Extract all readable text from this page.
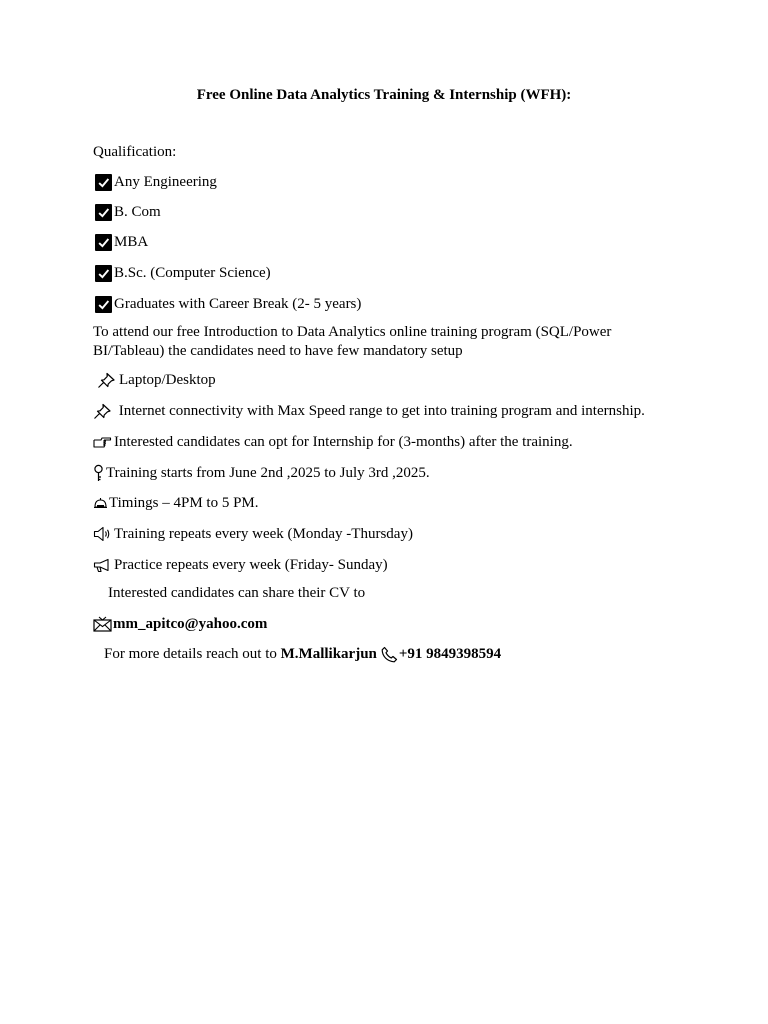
Free Online Data Analytics Training & Internship (WFH):
Qualification:
Any Engineering
B. Com
MBA
B.Sc. (Computer Science)
Graduates with Career Break (2- 5 years)
To attend our free Introduction to Data Analytics online training program (SQL/Power BI/Tableau) the candidates need to have few mandatory setup
Laptop/Desktop
Internet connectivity with Max Speed range to get into training program and internship.
Interested candidates can opt for Internship for (3-months) after the training.
Training starts from June 2nd ,2025 to July 3rd ,2025.
Timings – 4PM to 5 PM.
Training repeats every week (Monday -Thursday)
Practice repeats every week (Friday- Sunday)
Interested candidates can share their CV to
mm_apitco@yahoo.com
For more details reach out to M.Mallikarjun +91 9849398594
